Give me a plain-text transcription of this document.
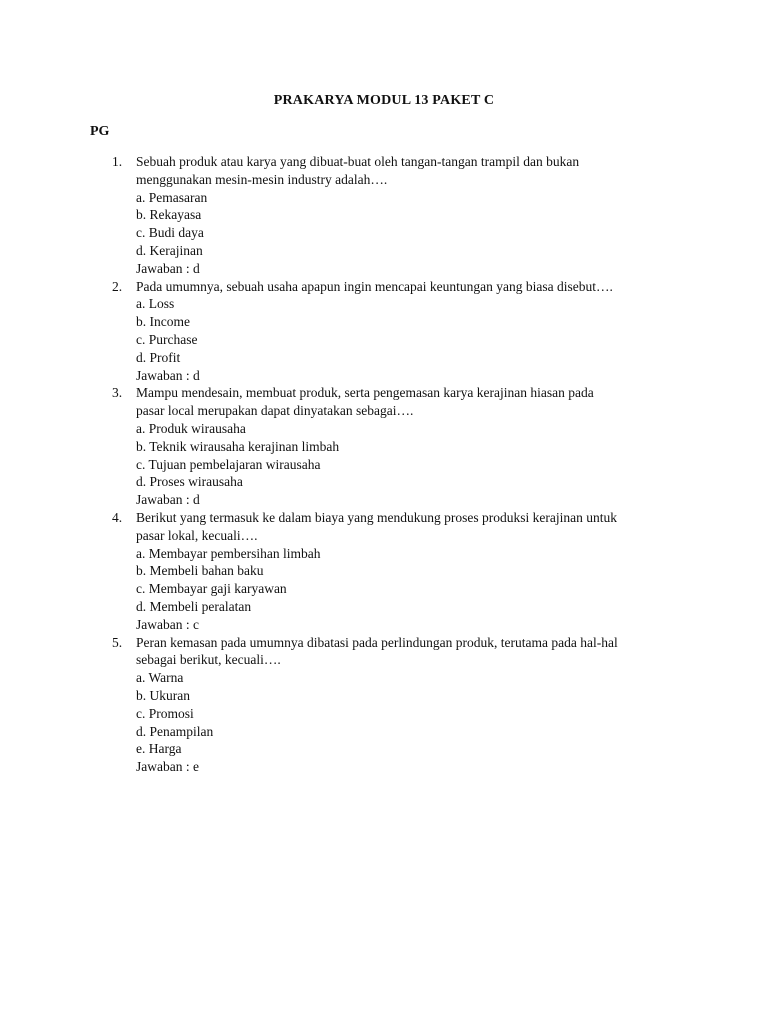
PRAKARYA MODUL 13 PAKET C
PG
1. Sebuah produk atau karya yang dibuat-buat oleh tangan-tangan trampil dan bukan
menggunakan mesin-mesin industry adalah….
a. Pemasaran
b. Rekayasa
c. Budi daya
d. Kerajinan
Jawaban : d
2. Pada umumnya, sebuah usaha apapun ingin mencapai keuntungan yang biasa disebut….
a. Loss
b. Income
c. Purchase
d. Profit
Jawaban : d
3. Mampu mendesain, membuat produk, serta pengemasan karya kerajinan hiasan pada
pasar local merupakan dapat dinyatakan sebagai….
a. Produk wirausaha
b. Teknik wirausaha kerajinan limbah
c. Tujuan pembelajaran wirausaha
d. Proses wirausaha
Jawaban : d
4. Berikut yang termasuk ke dalam biaya yang mendukung proses produksi kerajinan untuk
pasar lokal, kecuali….
a. Membayar pembersihan limbah
b. Membeli bahan baku
c. Membayar gaji karyawan
d. Membeli peralatan
Jawaban : c
5. Peran kemasan pada umumnya dibatasi pada perlindungan produk, terutama pada hal-hal
sebagai berikut, kecuali….
a. Warna
b. Ukuran
c. Promosi
d. Penampilan
e. Harga
Jawaban : e
